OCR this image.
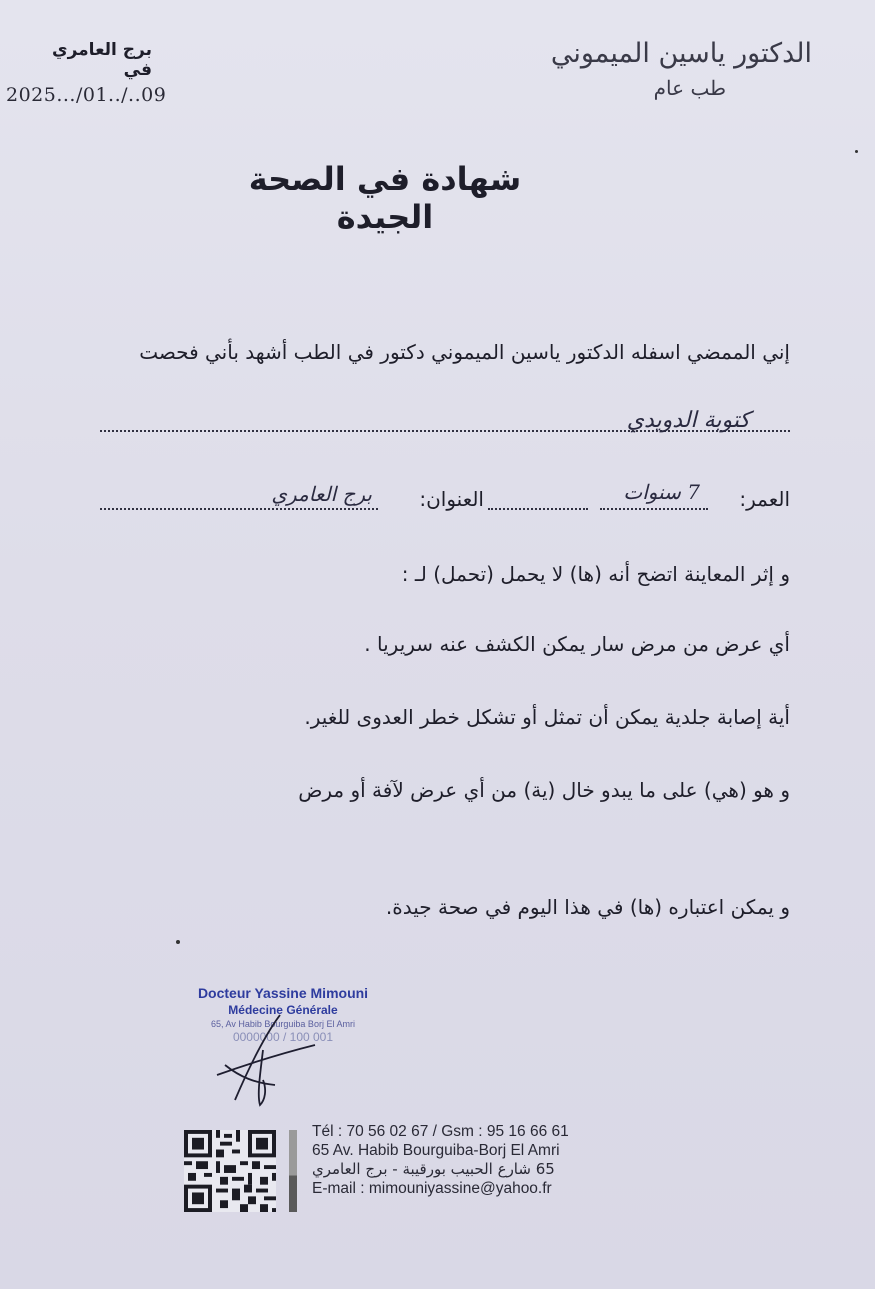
برج العامري في
2025.../01../..09
الدكتور ياسين الميموني
طب عام
شهادة في الصحة الجيدة
إني الممضي اسفله الدكتور ياسين الميموني دكتور في الطب أشهد بأني فحصت
كتوبة الدويدي
العمر:
7 سنوات
العنوان:
برج العامري
و إثر المعاينة اتضح أنه (ها) لا يحمل (تحمل) لـ :
أي عرض من مرض سار يمكن الكشف عنه سريريا .
أية إصابة جلدية يمكن أن تمثل أو تشكل خطر العدوى للغير.
و هو (هي) على ما يبدو خال (ية) من أي عرض لآفة أو مرض
و يمكن اعتباره (ها) في هذا اليوم في صحة جيدة.
Docteur Yassine Mimouni
Médecine Générale
65, Av Habib Bourguiba Borj El Amri
0000000 / 100 001
Tél : 70 56 02 67 / Gsm : 95 16 66 61
65 Av. Habib Bourguiba-Borj El Amri
65 شارع الحبيب بورقيبة - برج العامري
E-mail : mimouniyassine@yahoo.fr
